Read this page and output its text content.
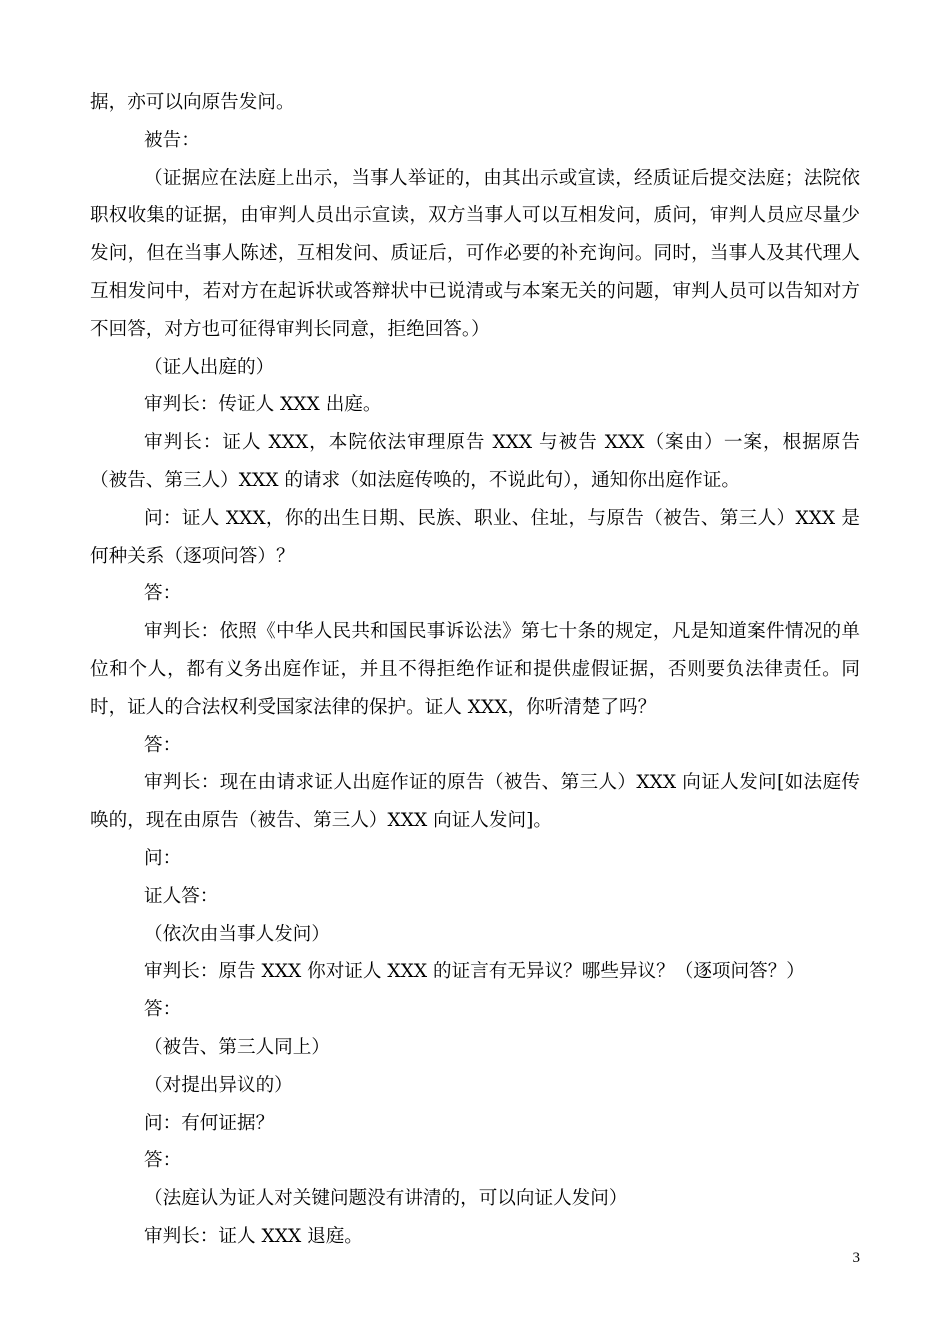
据，亦可以向原告发问。

被告：

（证据应在法庭上出示，当事人举证的，由其出示或宣读，经质证后提交法庭；法院依职权收集的证据，由审判人员出示宣读，双方当事人可以互相发问，质问，审判人员应尽量少发问，但在当事人陈述，互相发问、质证后，可作必要的补充询问。同时，当事人及其代理人互相发问中，若对方在起诉状或答辩状中已说清或与本案无关的问题，审判人员可以告知对方不回答，对方也可征得审判长同意，拒绝回答。）

（证人出庭的）

审判长：传证人 XXX 出庭。

审判长：证人 XXX，本院依法审理原告 XXX 与被告 XXX（案由）一案，根据原告（被告、第三人）XXX 的请求（如法庭传唤的，不说此句），通知你出庭作证。

问：证人 XXX，你的出生日期、民族、职业、住址，与原告（被告、第三人）XXX 是何种关系（逐项问答）？

答：

审判长：依照《中华人民共和国民事诉讼法》第七十条的规定，凡是知道案件情况的单位和个人，都有义务出庭作证，并且不得拒绝作证和提供虚假证据，否则要负法律责任。同时，证人的合法权利受国家法律的保护。证人 XXX，你听清楚了吗？

答：

审判长：现在由请求证人出庭作证的原告（被告、第三人）XXX 向证人发问[如法庭传唤的，现在由原告（被告、第三人）XXX 向证人发问]。

问：

证人答：

（依次由当事人发问）

审判长：原告 XXX 你对证人 XXX 的证言有无异议？哪些异议？（逐项问答？）

答：

（被告、第三人同上）

（对提出异议的）

问：有何证据？

答：

（法庭认为证人对关键问题没有讲清的，可以向证人发问）

审判长：证人 XXX 退庭。

3
